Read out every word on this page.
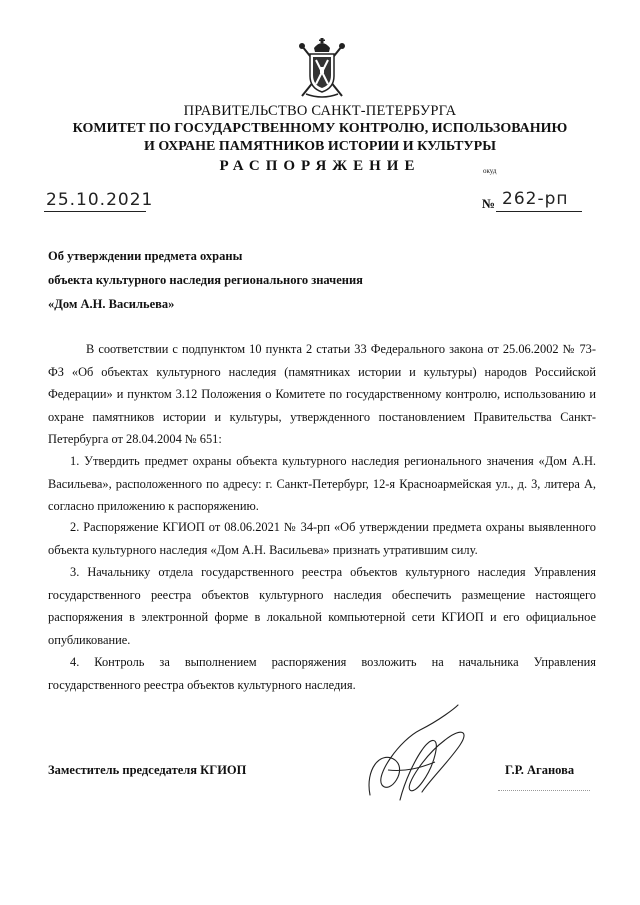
ПРАВИТЕЛЬСТВО САНКТ-ПЕТЕРБУРГА
КОМИТЕТ ПО ГОСУДАРСТВЕННОМУ КОНТРОЛЮ, ИСПОЛЬЗОВАНИЮ
И ОХРАНЕ ПАМЯТНИКОВ ИСТОРИИ И КУЛЬТУРЫ
РАСПОРЯЖЕНИЕ	окуд
25.10.2021	№ 262-рп
Об утверждении предмета охраны
объекта культурного наследия регионального значения
«Дом А.Н. Васильева»
В соответствии с подпунктом 10 пункта 2 статьи 33 Федерального закона от 25.06.2002 № 73-ФЗ «Об объектах культурного наследия (памятниках истории и культуры) народов Российской Федерации» и пунктом 3.12 Положения о Комитете по государственному контролю, использованию и охране памятников истории и культуры, утвержденного постановлением Правительства Санкт-Петербурга от 28.04.2004 № 651:
1. Утвердить предмет охраны объекта культурного наследия регионального значения «Дом А.Н. Васильева», расположенного по адресу: г. Санкт-Петербург, 12-я Красноармейская ул., д. 3, литера А, согласно приложению к распоряжению.
2. Распоряжение КГИОП от 08.06.2021 № 34-рп «Об утверждении предмета охраны выявленного объекта культурного наследия «Дом А.Н. Васильева» признать утратившим силу.
3. Начальнику отдела государственного реестра объектов культурного наследия Управления государственного реестра объектов культурного наследия обеспечить размещение настоящего распоряжения в электронной форме в локальной компьютерной сети КГИОП и его официальное опубликование.
4. Контроль за выполнением распоряжения возложить на начальника Управления государственного реестра объектов культурного наследия.
Заместитель председателя КГИОП	Г.Р. Аганова
